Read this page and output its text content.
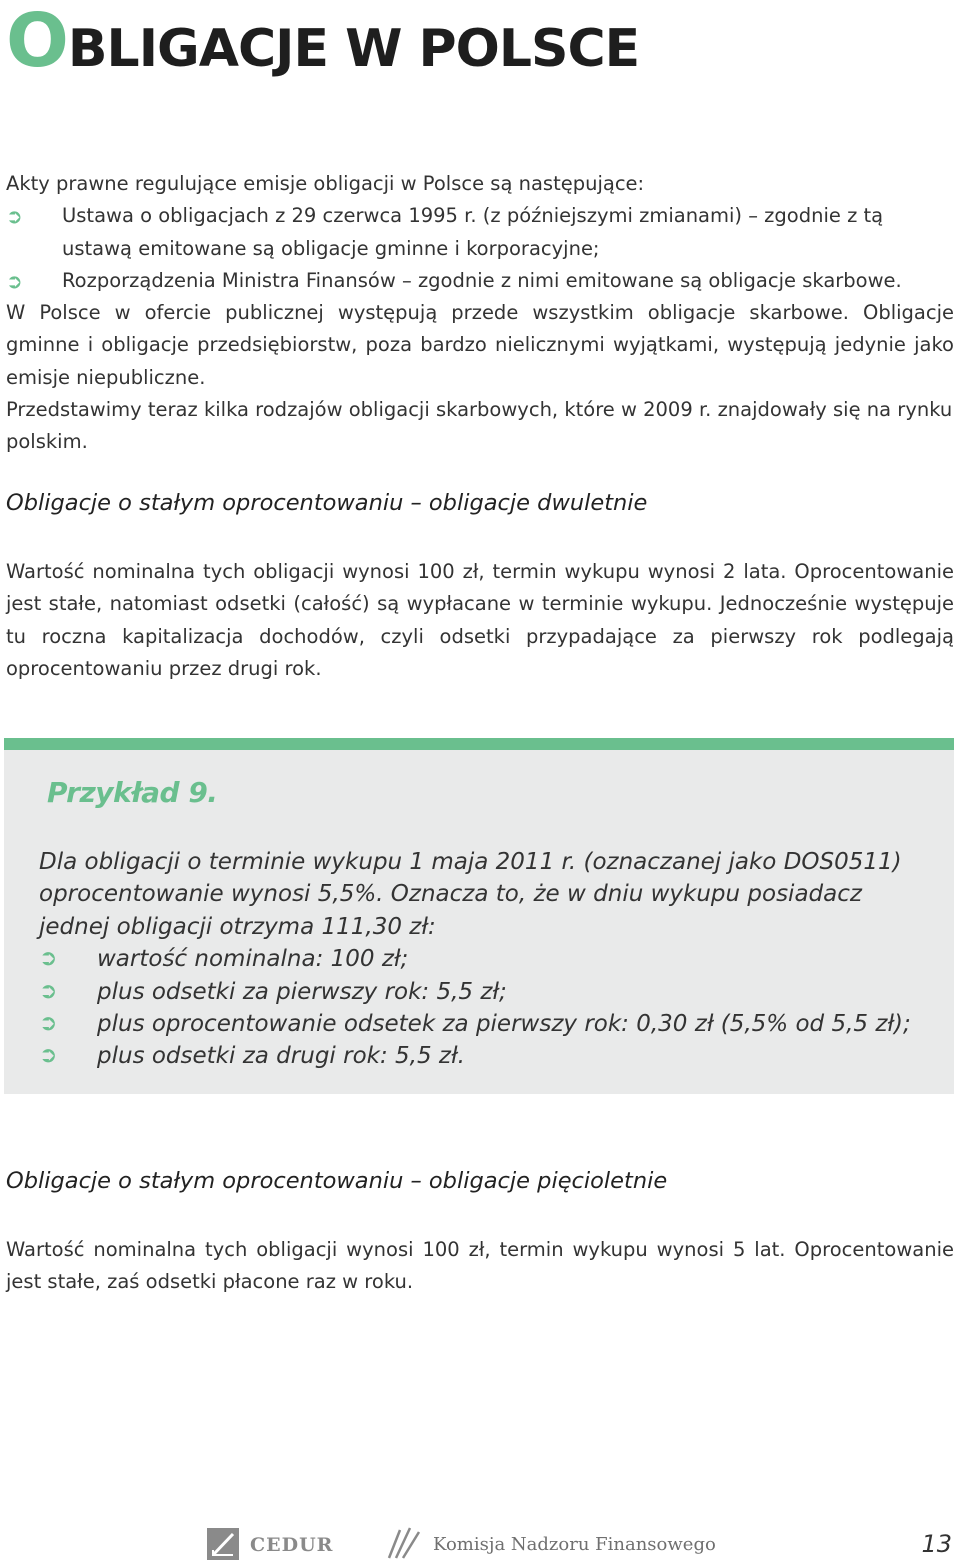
OBLIGACJE W POLSCE

Akty prawne regulujące emisje obligacji w Polsce są następujące:

➲ Ustawa o obligacjach z 29 czerwca 1995 r. (z późniejszymi zmianami) – zgodnie z tą ustawą emitowane są obligacje gminne i korporacyjne;
➲ Rozporządzenia Ministra Finansów – zgodnie z nimi emitowane są obligacje skarbowe.

W Polsce w ofercie publicznej występują przede wszystkim obligacje skarbowe. Obligacje gminne i obligacje przedsiębiorstw, poza bardzo nielicznymi wyjątkami, występują jedynie jako emisje niepubliczne.

Przedstawimy teraz kilka rodzajów obligacji skarbowych, które w 2009 r. znajdowały się na rynku polskim.

Obligacje o stałym oprocentowaniu – obligacje dwuletnie

Wartość nominalna tych obligacji wynosi 100 zł, termin wykupu wynosi 2 lata. Oprocentowanie jest stałe, natomiast odsetki (całość) są wypłacane w terminie wykupu. Jednocześnie występuje tu roczna kapitalizacja dochodów, czyli odsetki przypadające za pierwszy rok podlegają oprocentowaniu przez drugi rok.

Przykład 9.

Dla obligacji o terminie wykupu 1 maja 2011 r. (oznaczanej jako DOS0511) oprocentowanie wynosi 5,5%. Oznacza to, że w dniu wykupu posiadacz jednej obligacji otrzyma 111,30 zł:

➲ wartość nominalna: 100 zł;
➲ plus odsetki za pierwszy rok: 5,5 zł;
➲ plus oprocentowanie odsetek za pierwszy rok: 0,30 zł (5,5% od 5,5 zł);
➲ plus odsetki za drugi rok: 5,5 zł.
Obligacje o stałym oprocentowaniu – obligacje pięcioletnie

Wartość nominalna tych obligacji wynosi 100 zł, termin wykupu wynosi 5 lat. Oprocentowanie jest stałe, zaś odsetki płacone raz w roku.

CEDUR	Komisja Nadzoru Finansowego	13
